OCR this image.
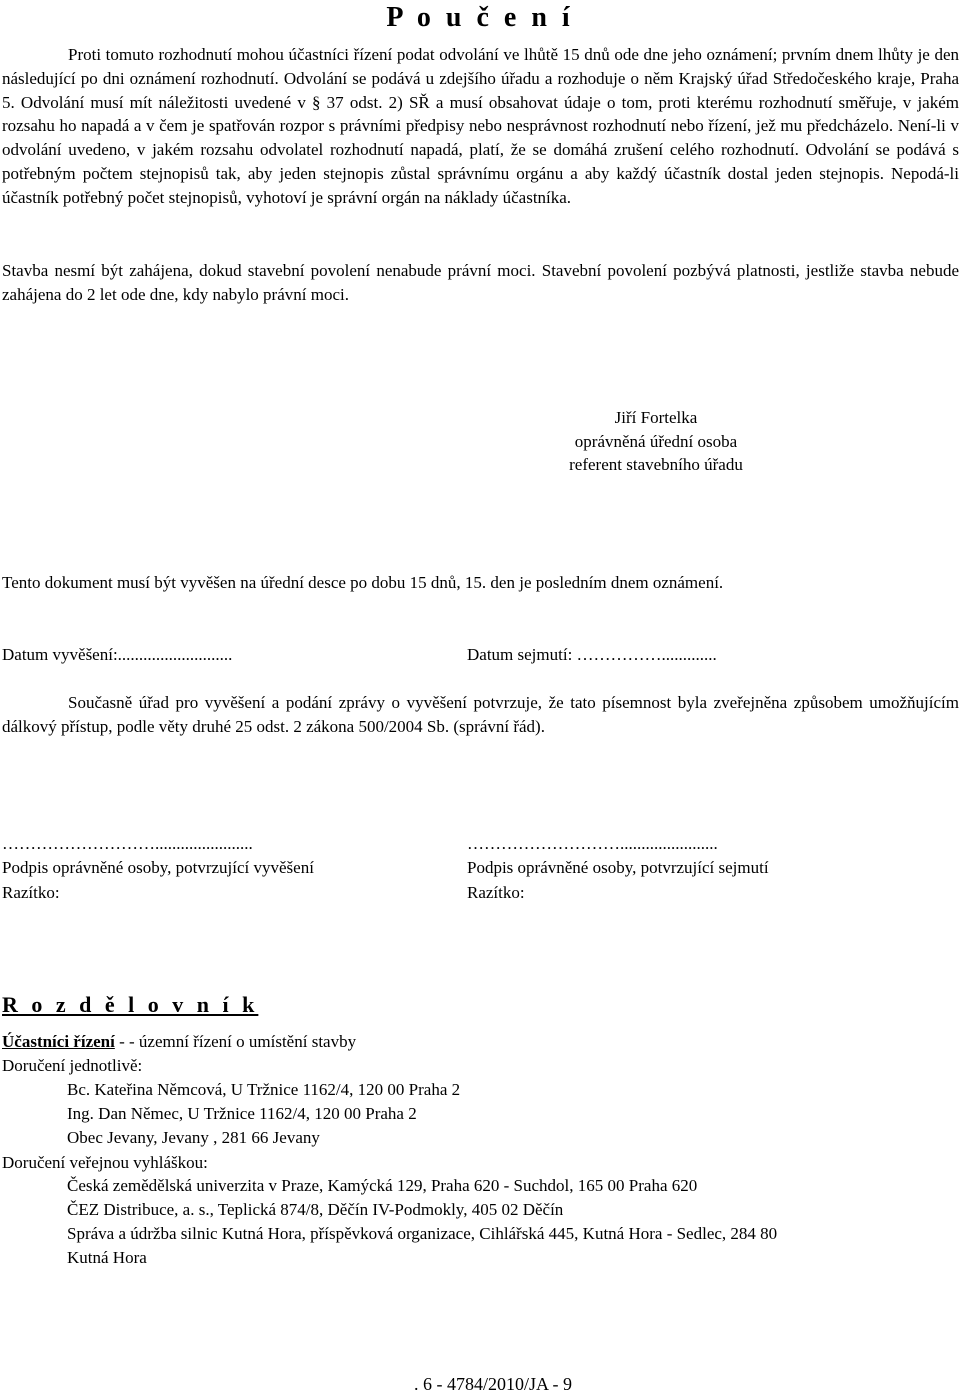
P o u č e n í

Proti tomuto rozhodnutí mohou účastníci řízení podat odvolání ve lhůtě 15 dnů ode dne jeho oznámení; prvním dnem lhůty je den následující po dni oznámení rozhodnutí. Odvolání se podává u zdejšího úřadu a rozhoduje o něm Krajský úřad Středočeského kraje, Praha 5. Odvolání musí mít náležitosti uvedené v § 37 odst. 2) SŘ a musí obsahovat údaje o tom, proti kterému rozhodnutí směřuje, v jakém rozsahu ho napadá a v čem je spatřován rozpor s právními předpisy nebo nesprávnost rozhodnutí nebo řízení, jež mu předcházelo. Není-li v odvolání uvedeno, v jakém rozsahu odvolatel rozhodnutí napadá, platí, že se domáhá zrušení celého rozhodnutí. Odvolání se podává s potřebným počtem stejnopisů tak, aby jeden stejnopis zůstal správnímu orgánu a aby každý účastník dostal jeden stejnopis. Nepodá-li účastník potřebný počet stejnopisů, vyhotoví je správní orgán na náklady účastníka.

Stavba nesmí být zahájena, dokud stavební povolení nenabude právní moci. Stavební povolení pozbývá platnosti, jestliže stavba nebude zahájena do 2 let ode dne, kdy nabylo právní moci.

Jiří Fortelka
oprávněná úřední osoba
referent stavebního úřadu
Tento dokument musí být vyvěšen na úřední desce po dobu 15 dnů, 15. den je posledním dnem oznámení.
Datum vyvěšení:...........................	Datum sejmutí: …………….............

Současně úřad pro vyvěšení a podání zprávy o vyvěšení potvrzuje, že tato písemnost byla zveřejněna způsobem umožňujícím dálkový přístup, podle věty druhé 25 odst. 2 zákona 500/2004 Sb. (správní řád).

……………………….......................	……………………….......................
Podpis oprávněné osoby, potvrzující vyvěšení	Podpis oprávněné osoby, potvrzující sejmutí
Razítko:	Razítko:
R o z d ě l o v n í k
Účastníci řízení - - územní řízení o umístění stavby
Doručení jednotlivě:
Bc. Kateřina Němcová, U Tržnice 1162/4, 120 00 Praha 2
Ing. Dan Němec, U Tržnice 1162/4, 120 00 Praha 2
Obec Jevany, Jevany , 281 66 Jevany
Doručení veřejnou vyhláškou:
Česká zemědělská univerzita v Praze, Kamýcká 129, Praha 620 - Suchdol, 165 00 Praha 620
ČEZ Distribuce, a. s., Teplická 874/8, Děčín IV-Podmokly, 405 02 Děčín
Správa a údržba silnic Kutná Hora, příspěvková organizace, Cihlářská 445, Kutná Hora - Sedlec, 284 80
Kutná Hora
. 6 - 4784/2010/JA - 9
